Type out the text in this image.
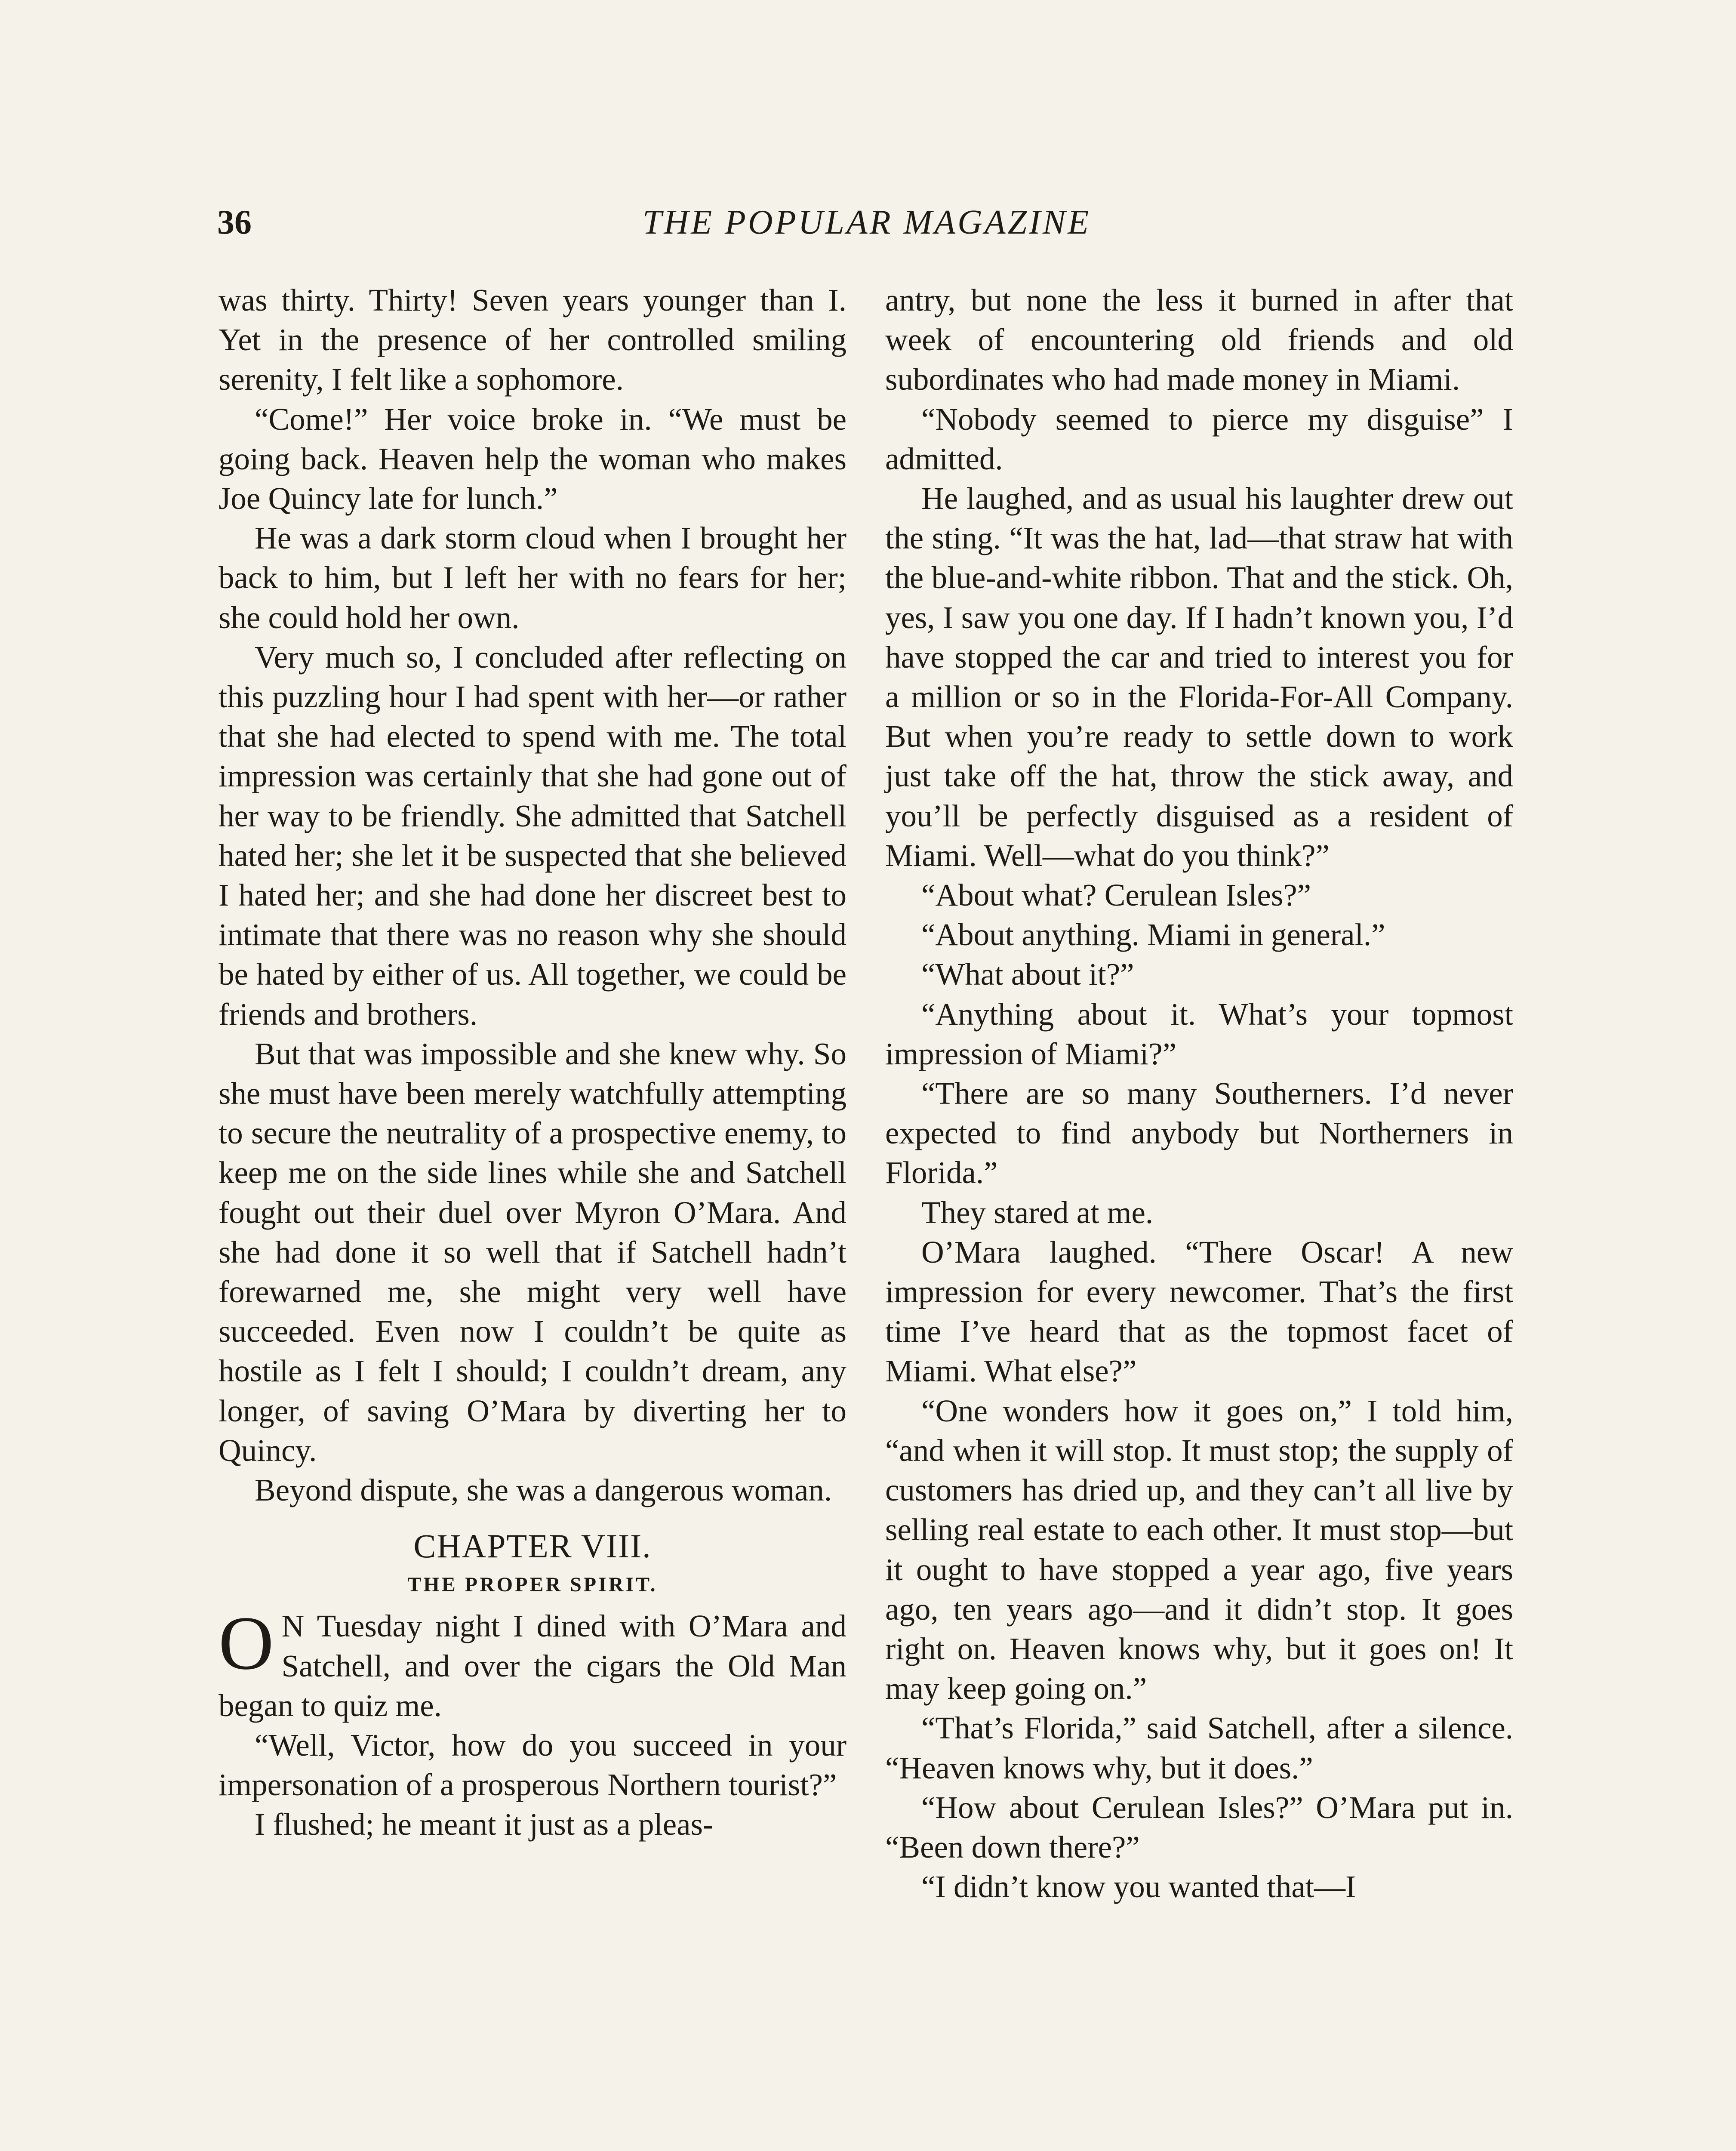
36	THE POPULAR MAGAZINE

was thirty. Thirty! Seven years younger than I. Yet in the presence of her controlled smiling serenity, I felt like a sophomore.

“Come!” Her voice broke in. “We must be going back. Heaven help the woman who makes Joe Quincy late for lunch.”

He was a dark storm cloud when I brought her back to him, but I left her with no fears for her; she could hold her own.

Very much so, I concluded after reflecting on this puzzling hour I had spent with her—or rather that she had elected to spend with me. The total impression was certainly that she had gone out of her way to be friendly. She admitted that Satchell hated her; she let it be suspected that she believed I hated her; and she had done her discreet best to intimate that there was no reason why she should be hated by either of us. All together, we could be friends and brothers.

But that was impossible and she knew why. So she must have been merely watchfully attempting to secure the neutrality of a prospective enemy, to keep me on the side lines while she and Satchell fought out their duel over Myron O’Mara. And she had done it so well that if Satchell hadn’t forewarned me, she might very well have succeeded. Even now I couldn’t be quite as hostile as I felt I should; I couldn’t dream, any longer, of saving O’Mara by diverting her to Quincy.

Beyond dispute, she was a dangerous woman.

CHAPTER VIII.
THE PROPER SPIRIT.

O N Tuesday night I dined with O’Mara and Satchell, and over the cigars the Old Man began to quiz me.

“Well, Victor, how do you succeed in your impersonation of a prosperous Northern tourist?”

I flushed; he meant it just as a pleas-

antry, but none the less it burned in after that week of encountering old friends and old subordinates who had made money in Miami.

“Nobody seemed to pierce my disguise” I admitted.

He laughed, and as usual his laughter drew out the sting. “It was the hat, lad—that straw hat with the blue-and-white ribbon. That and the stick. Oh, yes, I saw you one day. If I hadn’t known you, I’d have stopped the car and tried to interest you for a million or so in the Florida-For-All Company. But when you’re ready to settle down to work just take off the hat, throw the stick away, and you’ll be perfectly disguised as a resident of Miami. Well—what do you think?”

“About what? Cerulean Isles?”

“About anything. Miami in general.”

“What about it?”

“Anything about it. What’s your topmost impression of Miami?”

“There are so many Southerners. I’d never expected to find anybody but Northerners in Florida.”

They stared at me.

O’Mara laughed. “There Oscar! A new impression for every newcomer. That’s the first time I’ve heard that as the topmost facet of Miami. What else?”

“One wonders how it goes on,” I told him, “and when it will stop. It must stop; the supply of customers has dried up, and they can’t all live by selling real estate to each other. It must stop—but it ought to have stopped a year ago, five years ago, ten years ago—and it didn’t stop. It goes right on. Heaven knows why, but it goes on! It may keep going on.”

“That’s Florida,” said Satchell, after a silence. “Heaven knows why, but it does.”

“How about Cerulean Isles?” O’Mara put in. “Been down there?”

“I didn’t know you wanted that—I
